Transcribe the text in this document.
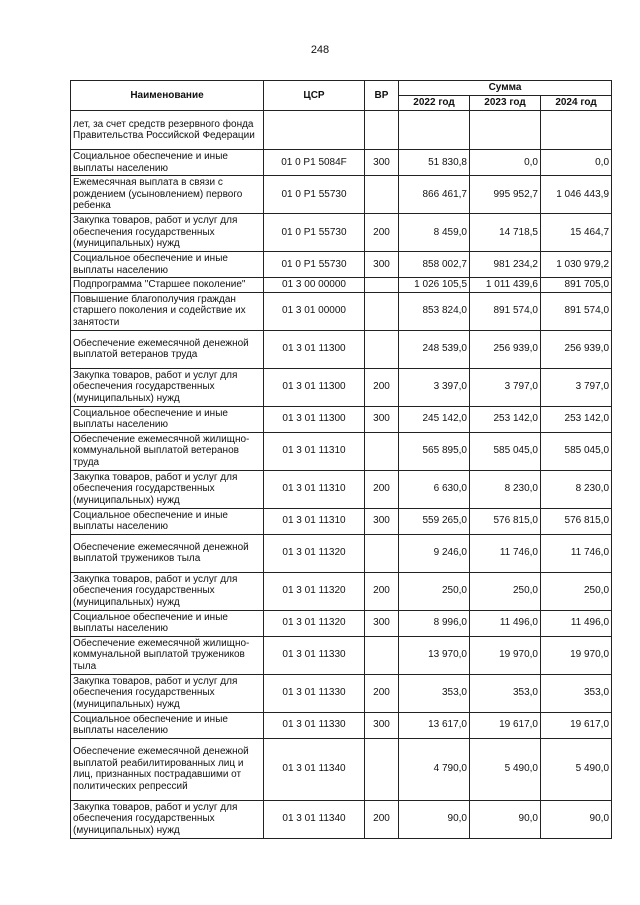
248
Наименование	ЦСР	ВР	Сумма		
			2022 год	2023 год	2024 год
лет, за счет средств резервного фонда Правительства Российской Федерации					
Социальное обеспечение и иные выплаты населению	01 0 P1 5084F	300	51 830,8	0,0	0,0
Ежемесячная выплата в связи с рождением (усыновлением) первого ребенка	01 0 P1 55730		866 461,7	995 952,7	1 046 443,9
Закупка товаров, работ и услуг для обеспечения государственных (муниципальных) нужд	01 0 P1 55730	200	8 459,0	14 718,5	15 464,7
Социальное обеспечение и иные выплаты населению	01 0 P1 55730	300	858 002,7	981 234,2	1 030 979,2
Подпрограмма "Старшее поколение"	01 3 00 00000		1 026 105,5	1 011 439,6	891 705,0
Повышение благополучия граждан старшего поколения и содействие их занятости	01 3 01 00000		853 824,0	891 574,0	891 574,0
Обеспечение ежемесячной денежной выплатой ветеранов труда	01 3 01 11300		248 539,0	256 939,0	256 939,0
Закупка товаров, работ и услуг для обеспечения государственных (муниципальных) нужд	01 3 01 11300	200	3 397,0	3 797,0	3 797,0
Социальное обеспечение и иные выплаты населению	01 3 01 11300	300	245 142,0	253 142,0	253 142,0
Обеспечение ежемесячной жилищно-коммунальной выплатой ветеранов труда	01 3 01 11310		565 895,0	585 045,0	585 045,0
Закупка товаров, работ и услуг для обеспечения государственных (муниципальных) нужд	01 3 01 11310	200	6 630,0	8 230,0	8 230,0
Социальное обеспечение и иные выплаты населению	01 3 01 11310	300	559 265,0	576 815,0	576 815,0
Обеспечение ежемесячной денежной выплатой тружеников тыла	01 3 01 11320		9 246,0	11 746,0	11 746,0
Закупка товаров, работ и услуг для обеспечения государственных (муниципальных) нужд	01 3 01 11320	200	250,0	250,0	250,0
Социальное обеспечение и иные выплаты населению	01 3 01 11320	300	8 996,0	11 496,0	11 496,0
Обеспечение ежемесячной жилищно-коммунальной выплатой тружеников тыла	01 3 01 11330		13 970,0	19 970,0	19 970,0
Закупка товаров, работ и услуг для обеспечения государственных (муниципальных) нужд	01 3 01 11330	200	353,0	353,0	353,0
Социальное обеспечение и иные выплаты населению	01 3 01 11330	300	13 617,0	19 617,0	19 617,0
Обеспечение ежемесячной денежной выплатой реабилитированных лиц и лиц, признанных пострадавшими от политических репрессий	01 3 01 11340		4 790,0	5 490,0	5 490,0
Закупка товаров, работ и услуг для обеспечения государственных (муниципальных) нужд	01 3 01 11340	200	90,0	90,0	90,0
